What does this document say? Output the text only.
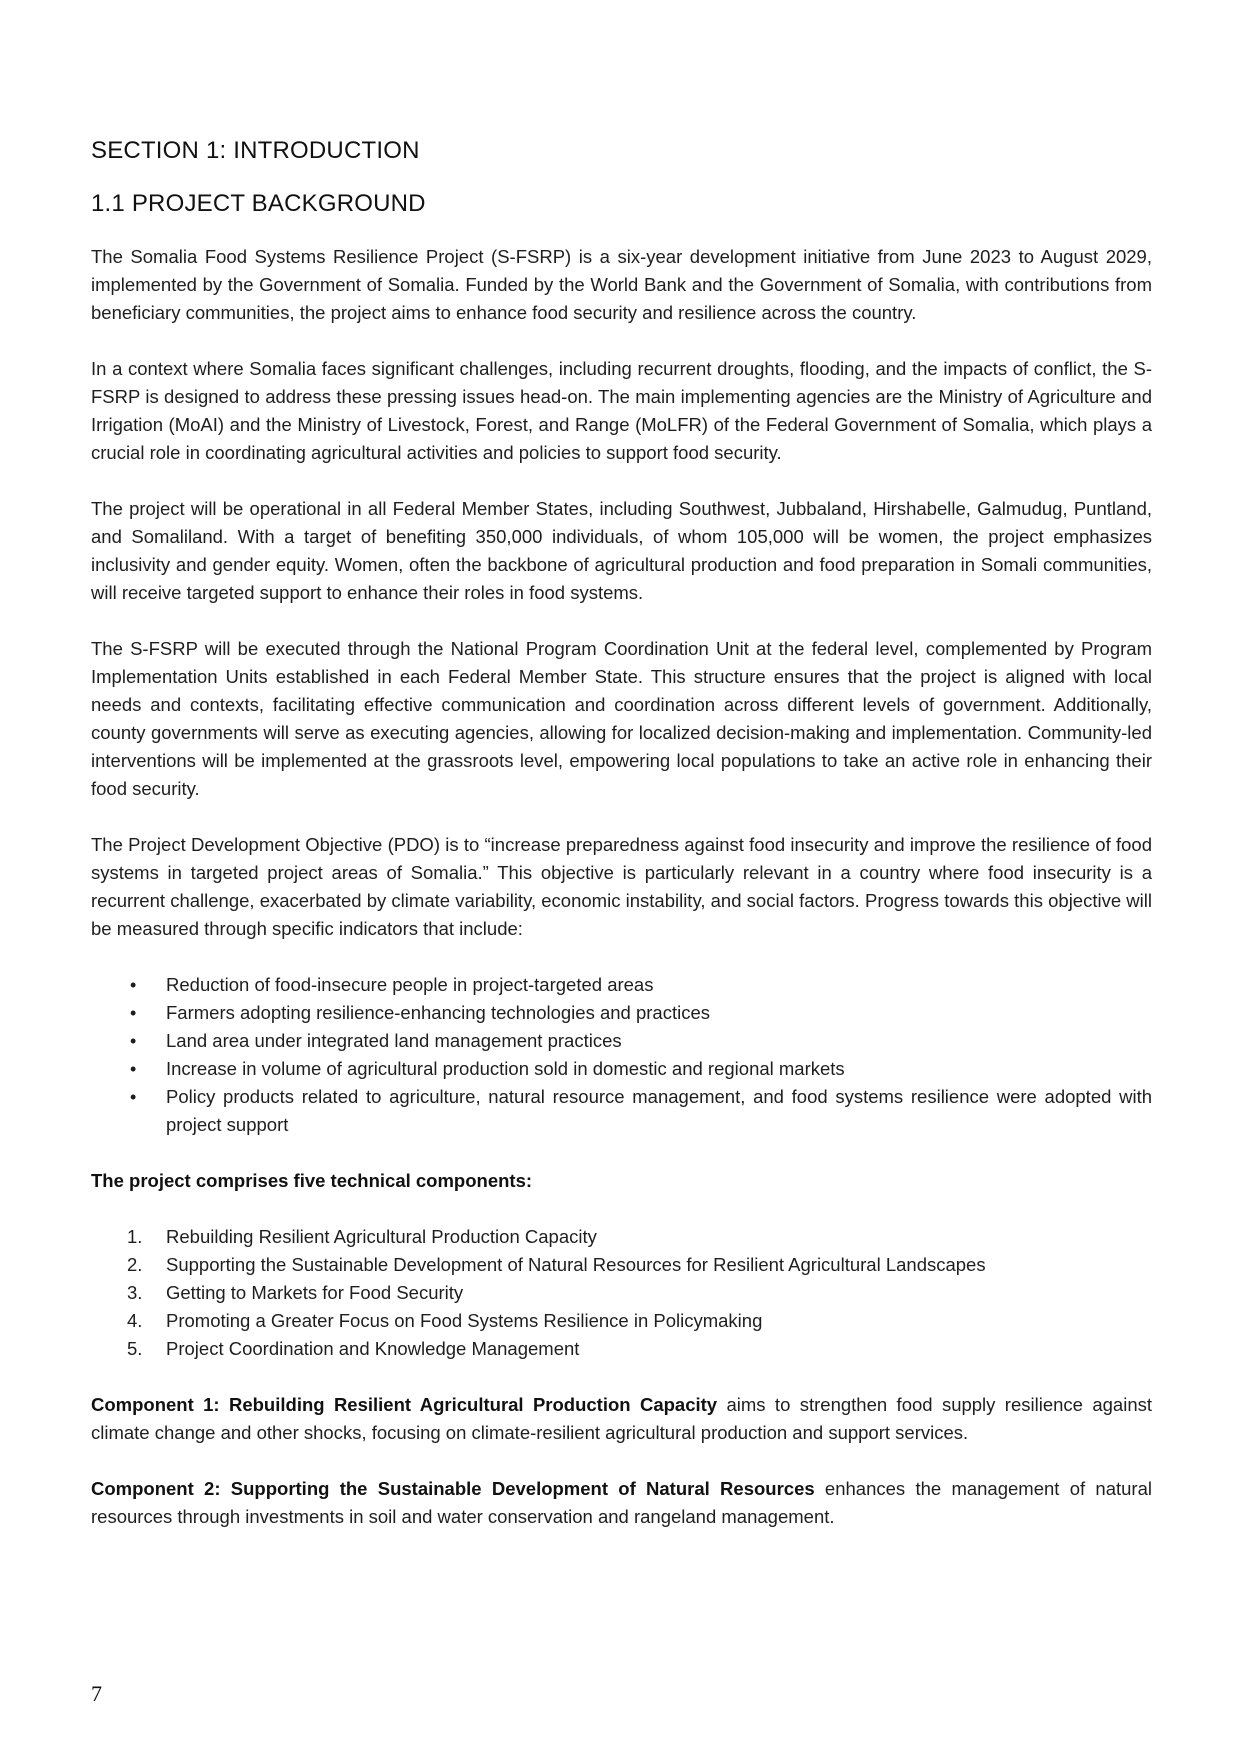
SECTION 1: INTRODUCTION
1.1 PROJECT BACKGROUND

The Somalia Food Systems Resilience Project (S-FSRP) is a six-year development initiative from June 2023 to August 2029, implemented by the Government of Somalia. Funded by the World Bank and the Government of Somalia, with contributions from beneficiary communities, the project aims to enhance food security and resilience across the country.

In a context where Somalia faces significant challenges, including recurrent droughts, flooding, and the impacts of conflict, the S-FSRP is designed to address these pressing issues head-on. The main implementing agencies are the Ministry of Agriculture and Irrigation (MoAI) and the Ministry of Livestock, Forest, and Range (MoLFR) of the Federal Government of Somalia, which plays a crucial role in coordinating agricultural activities and policies to support food security.

The project will be operational in all Federal Member States, including Southwest, Jubbaland, Hirshabelle, Galmudug, Puntland, and Somaliland. With a target of benefiting 350,000 individuals, of whom 105,000 will be women, the project emphasizes inclusivity and gender equity. Women, often the backbone of agricultural production and food preparation in Somali communities, will receive targeted support to enhance their roles in food systems.

The S-FSRP will be executed through the National Program Coordination Unit at the federal level, complemented by Program Implementation Units established in each Federal Member State. This structure ensures that the project is aligned with local needs and contexts, facilitating effective communication and coordination across different levels of government. Additionally, county governments will serve as executing agencies, allowing for localized decision-making and implementation. Community-led interventions will be implemented at the grassroots level, empowering local populations to take an active role in enhancing their food security.

The Project Development Objective (PDO) is to “increase preparedness against food insecurity and improve the resilience of food systems in targeted project areas of Somalia.” This objective is particularly relevant in a country where food insecurity is a recurrent challenge, exacerbated by climate variability, economic instability, and social factors. Progress towards this objective will be measured through specific indicators that include:

• Reduction of food-insecure people in project-targeted areas
• Farmers adopting resilience-enhancing technologies and practices
• Land area under integrated land management practices
• Increase in volume of agricultural production sold in domestic and regional markets
• Policy products related to agriculture, natural resource management, and food systems resilience were adopted with project support

The project comprises five technical components:

1. Rebuilding Resilient Agricultural Production Capacity
2. Supporting the Sustainable Development of Natural Resources for Resilient Agricultural Landscapes
3. Getting to Markets for Food Security
4. Promoting a Greater Focus on Food Systems Resilience in Policymaking
5. Project Coordination and Knowledge Management

Component 1: Rebuilding Resilient Agricultural Production Capacity aims to strengthen food supply resilience against climate change and other shocks, focusing on climate-resilient agricultural production and support services.

Component 2: Supporting the Sustainable Development of Natural Resources enhances the management of natural resources through investments in soil and water conservation and rangeland management.

7
